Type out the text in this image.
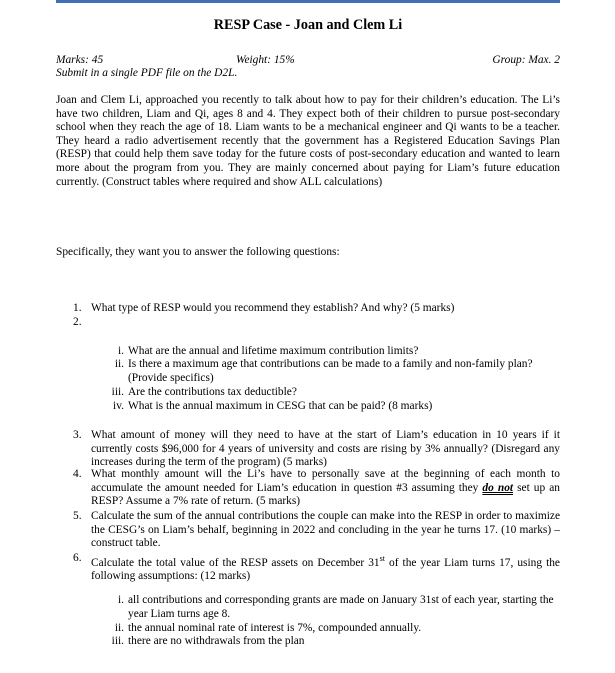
RESP Case - Joan and Clem Li
Marks: 45	Weight: 15%	Group: Max. 2
Submit in a single PDF file on the D2L.
Joan and Clem Li, approached you recently to talk about how to pay for their children’s education. The Li’s have two children, Liam and Qi, ages 8 and 4. They expect both of their children to pursue post-secondary school when they reach the age of 18. Liam wants to be a mechanical engineer and Qi wants to be a teacher. They heard a radio advertisement recently that the government has a Registered Education Savings Plan (RESP) that could help them save today for the future costs of post-secondary education and wanted to learn more about the program from you. They are mainly concerned about paying for Liam’s future education currently. (Construct tables where required and show ALL calculations)
Specifically, they want you to answer the following questions:
1. What type of RESP would you recommend they establish? And why? (5 marks)
2.
i. What are the annual and lifetime maximum contribution limits?
ii. Is there a maximum age that contributions can be made to a family and non-family plan? (Provide specifics)
iii. Are the contributions tax deductible?
iv. What is the annual maximum in CESG that can be paid? (8 marks)
3. What amount of money will they need to have at the start of Liam’s education in 10 years if it currently costs $96,000 for 4 years of university and costs are rising by 3% annually? (Disregard any increases during the term of the program) (5 marks)
4. What monthly amount will the Li’s have to personally save at the beginning of each month to accumulate the amount needed for Liam’s education in question #3 assuming they do not set up an RESP? Assume a 7% rate of return. (5 marks)
5. Calculate the sum of the annual contributions the couple can make into the RESP in order to maximize the CESG’s on Liam’s behalf, beginning in 2022 and concluding in the year he turns 17. (10 marks) – construct table.
6. Calculate the total value of the RESP assets on December 31st of the year Liam turns 17, using the following assumptions: (12 marks)
i. all contributions and corresponding grants are made on January 31st of each year, starting the year Liam turns age 8.
ii. the annual nominal rate of interest is 7%, compounded annually.
iii. there are no withdrawals from the plan
